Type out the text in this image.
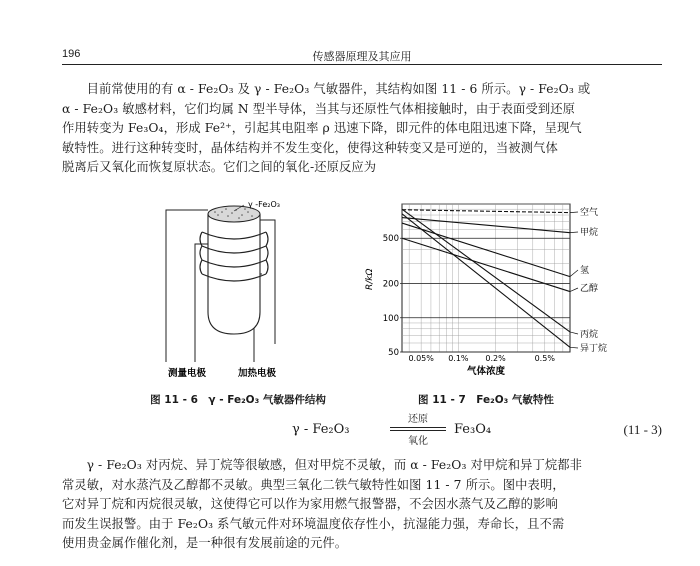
196	传感器原理及其应用

目前常使用的有 α - Fe₂O₃ 及 γ - Fe₂O₃ 气敏器件，其结构如图 11 - 6 所示。γ - Fe₂O₃ 或

α - Fe₂O₃ 敏感材料，它们均属 N 型半导体，当其与还原性气体相接触时，由于表面受到还原

作用转变为 Fe₃O₄，形成 Fe²⁺，引起其电阻率 ρ 迅速下降，即元件的体电阻迅速下降，呈现气

敏特性。进行这种转变时，晶体结构并不发生变化，使得这种转变又是可逆的，当被测气体

脱离后又氧化而恢复原状态。它们之间的氧化-还原反应为

γ -Fe₂O₃
测量电极	加热电极
图 11 - 6　γ - Fe₂O₃ 气敏器件结构
500
200
100
50
0.05% 0.1% 0.2%	0.5%
空气
甲烷
氢
乙醇
丙烷
异丁烷
R/kΩ
气体浓度
图 11 - 7　Fe₂O₃ 气敏特性
γ - Fe₂O₃
还原
氧化
Fe₃O₄	(11 - 3)

γ - Fe₂O₃ 对丙烷、异丁烷等很敏感，但对甲烷不灵敏，而 α - Fe₂O₃ 对甲烷和异丁烷都非

常灵敏，对水蒸汽及乙醇都不灵敏。典型三氧化二铁气敏特性如图 11 - 7 所示。图中表明，

它对异丁烷和丙烷很灵敏，这使得它可以作为家用燃气报警器，不会因水蒸气及乙醇的影响

而发生误报警。由于 Fe₂O₃ 系气敏元件对环境温度依存性小，抗湿能力强，寿命长，且不需

使用贵金属作催化剂，是一种很有发展前途的元件。
